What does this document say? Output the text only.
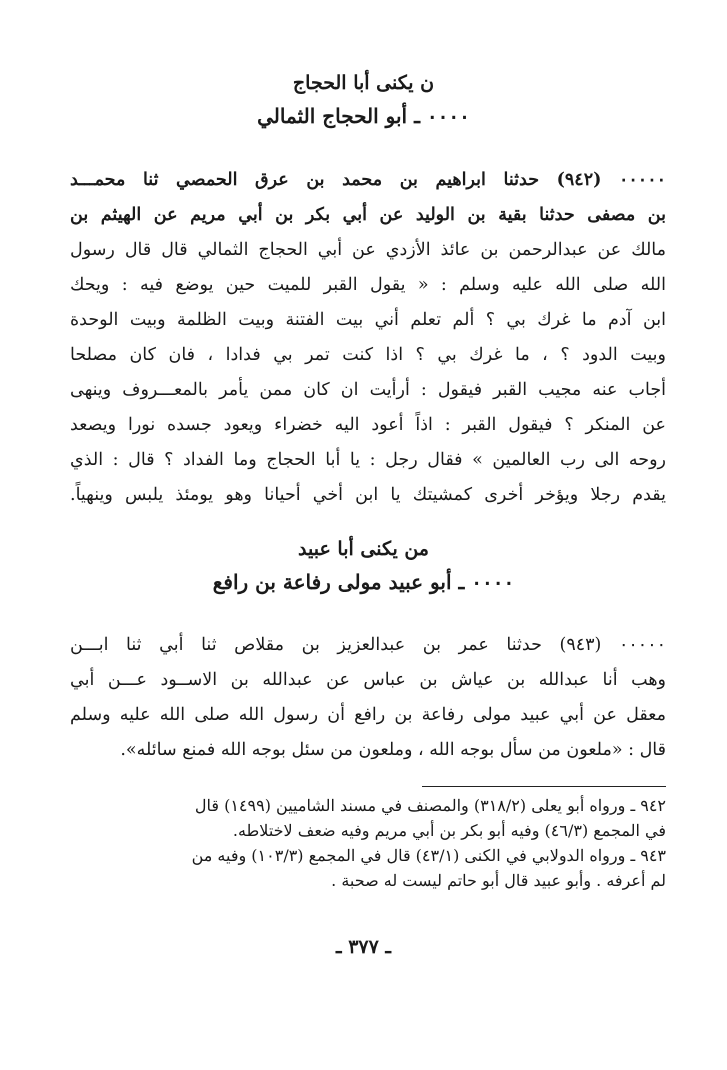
ن يكنى أبا الحجاج
٠٠٠٠ ـ أبو الحجاج الثمالي
٠٠٠٠٠ (٩٤٢) حدثنا ابراهيم بن محمد بن عرق الحمصي ثنا محمـــد
بن مصفى حدثنا بقية بن الوليد عن أبي بكر بن أبي مريم عن الهيثم بن
مالك عن عبدالرحمن بن عائذ الأزدي عن أبي الحجاج الثمالي قال قال رسول
الله صلى الله عليه وسلم : « يقول القبر للميت حين يوضع فيه : ويحك
ابن آدم ما غرك بي ؟ ألم تعلم أني بيت الفتنة وبيت الظلمة وبيت الوحدة
وبيت الدود ؟ ، ما غرك بي ؟ اذا كنت تمر بي فدادا ، فان كان مصلحا
أجاب عنه مجيب القبر فيقول : أرأيت ان كان ممن يأمر بالمعـــروف وينهى
عن المنكر ؟ فيقول القبر : اذاً أعود اليه خضراء ويعود جسده نورا ويصعد
روحه الى رب العالمين » فقال رجل : يا أبا الحجاج وما الفداد ؟ قال : الذي
يقدم رجلا ويؤخر أخرى كمشيتك يا ابن أخي أحيانا وهو يومئذ يلبس وينهياً.
من يكنى أبا عبيد
٠٠٠٠ ـ أبو عبيد مولى رفاعة بن رافع
٠٠٠٠٠ (٩٤٣) حدثنا عمر بن عبدالعزيز بن مقلاص ثنا أبي ثنا ابـــن
وهب أنا عبدالله بن عياش بن عباس عن عبدالله بن الاســود عـــن أبي
معقل عن أبي عبيد مولى رفاعة بن رافع أن رسول الله صلى الله عليه وسلم
قال : «ملعون من سأل بوجه الله ، وملعون من سئل بوجه الله فمنع سائله».
٩٤٢ ـ ورواه أبو يعلى (٣١٨/٢) والمصنف في مسند الشاميين (١٤٩٩) قال
في المجمع (٤٦/٣) وفيه أبو بكر بن أبي مريم وفيه ضعف لاختلاطه.
٩٤٣ ـ ورواه الدولابي في الكنى (٤٣/١) قال في المجمع (١٠٣/٣) وفيه من
لم أعرفه . وأبو عبيد قال أبو حاتم ليست له صحبة .
ـ ٣٧٧ ـ
